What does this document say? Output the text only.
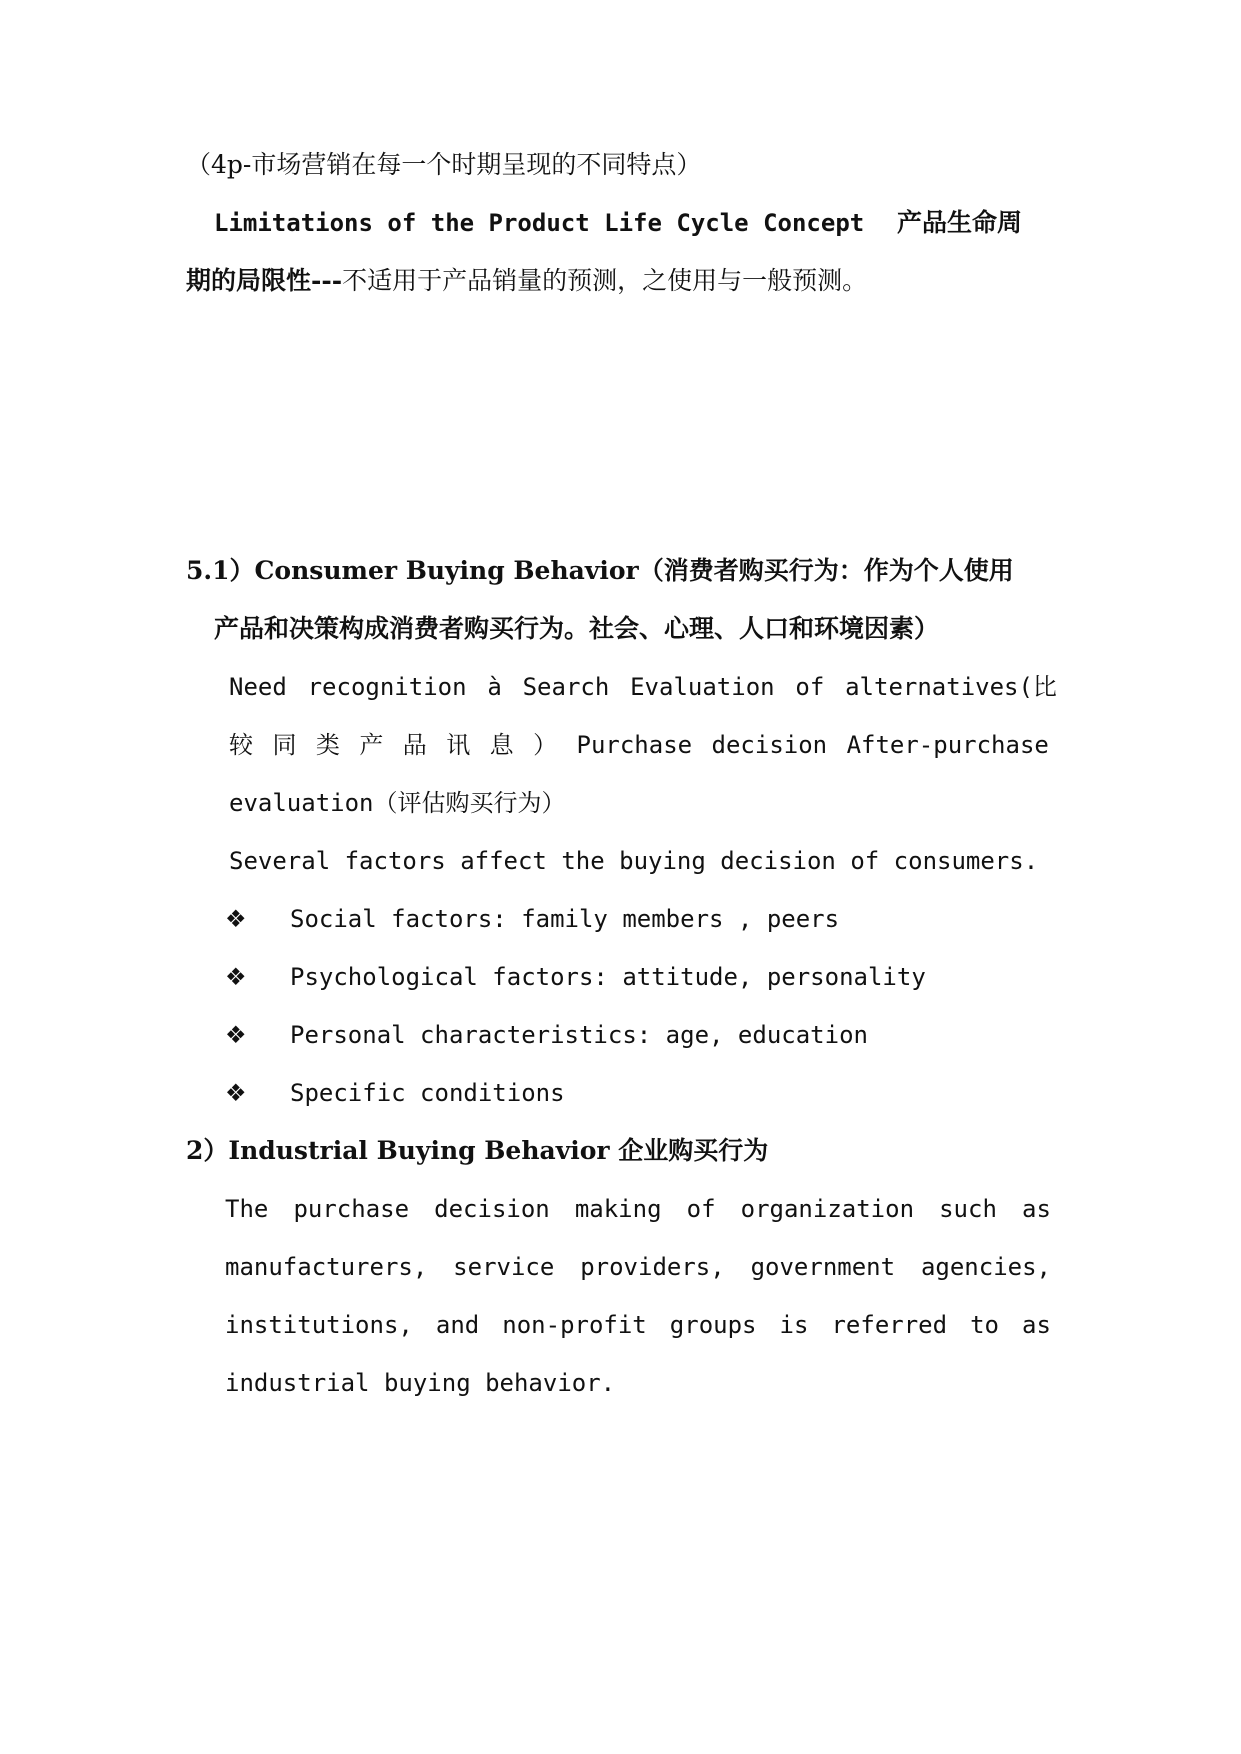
（4p-市场营销在每一个时期呈现的不同特点）
Limitations of the Product Life Cycle Concept 产品生命周
期的局限性---不适用于产品销量的预测，之使用与一般预测。
5.1）Consumer Buying Behavior（消费者购买行为：作为个人使用
产品和决策构成消费者购买行为。社会、心理、人口和环境因素）
Need recognition à Search Evaluation of alternatives(比
较 同 类 产 品 讯 息 ） Purchase decision After-purchase
evaluation（评估购买行为）
Several factors affect the buying decision of consumers.
❖ Social factors: family members , peers
❖ Psychological factors: attitude, personality
❖ Personal characteristics: age, education
❖ Specific conditions
2）Industrial Buying Behavior 企业购买行为
The purchase decision making of organization such as
manufacturers, service providers, government agencies,
institutions, and non-profit groups is referred to as
industrial buying behavior.
